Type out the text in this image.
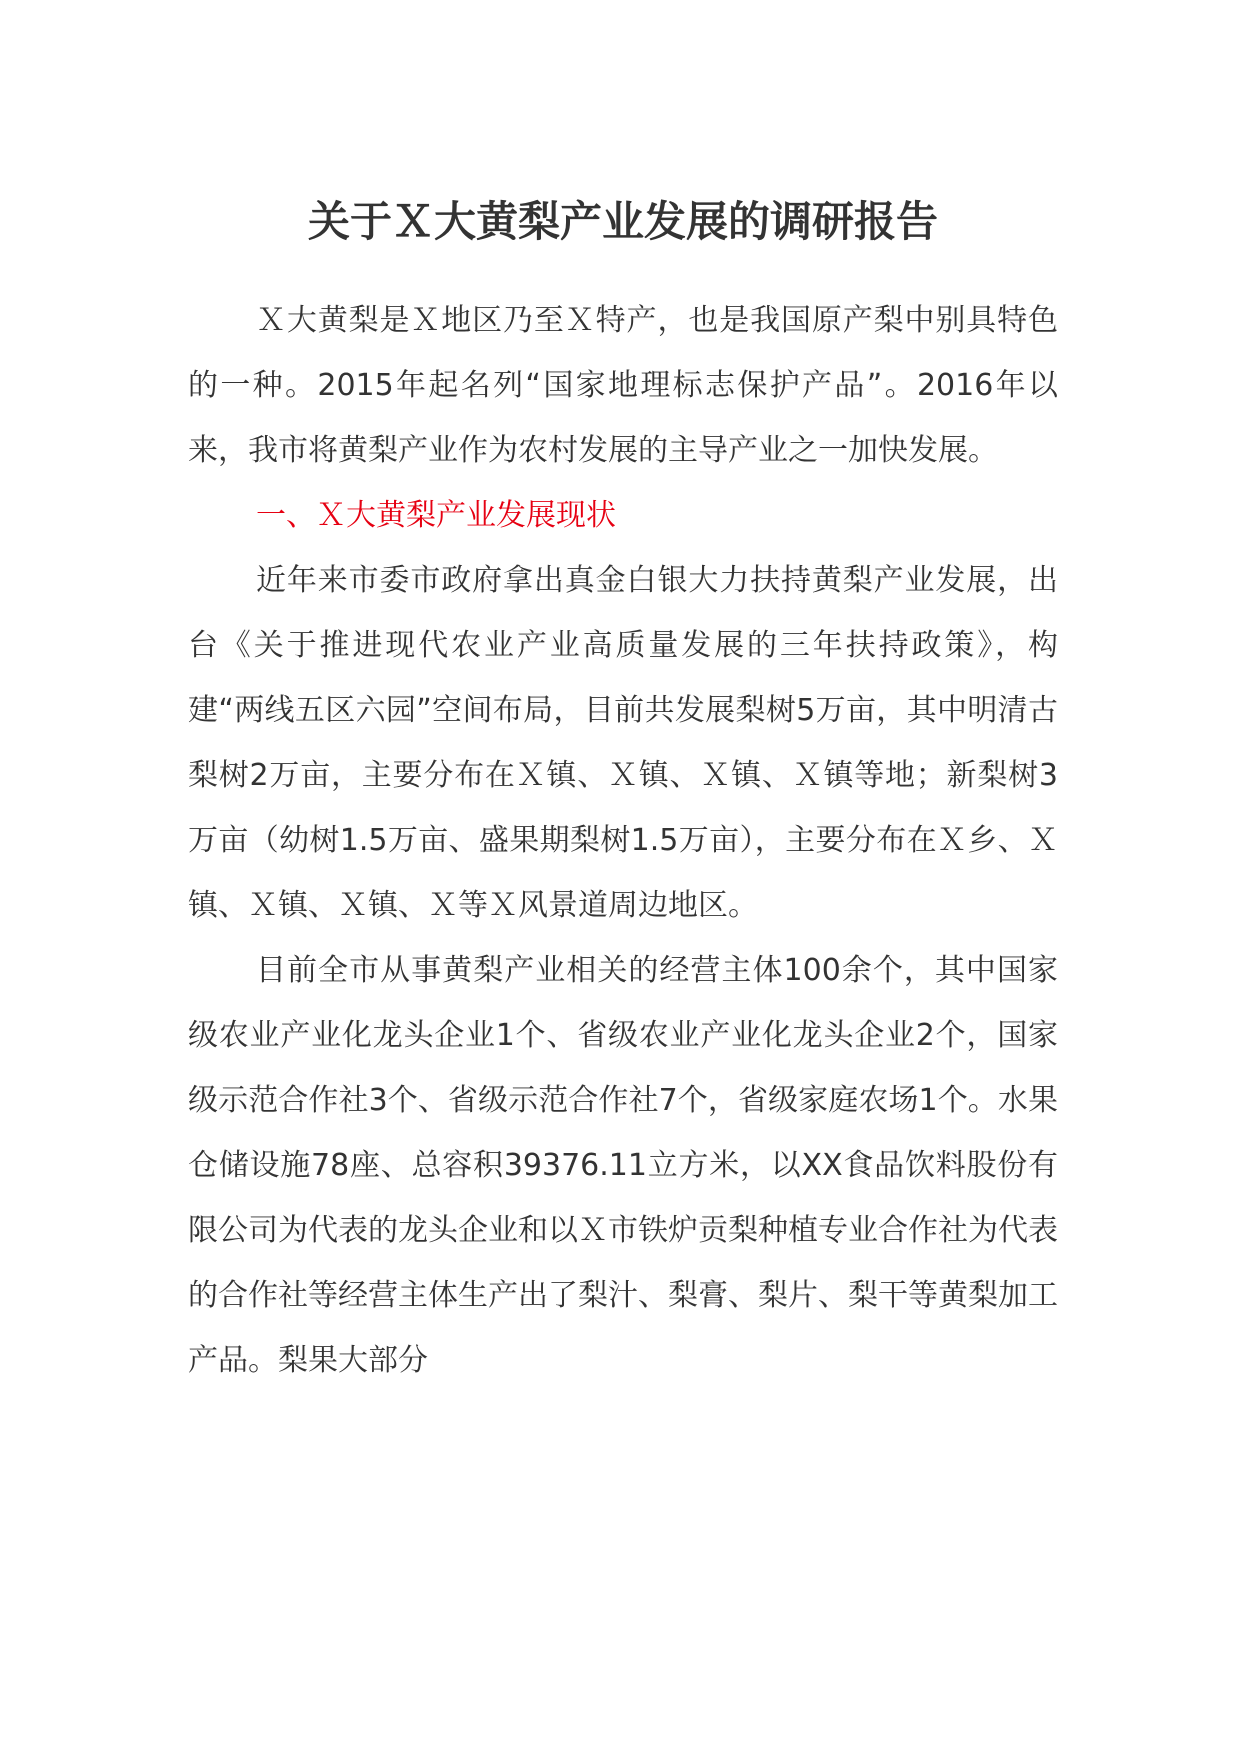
关于Ｘ大黄梨产业发展的调研报告

Ｘ大黄梨是Ｘ地区乃至Ｘ特产，也是我国原产梨中别具特色的一种。2015年起名列“国家地理标志保护产品”。2016年以来，我市将黄梨产业作为农村发展的主导产业之一加快发展。

一、Ｘ大黄梨产业发展现状

近年来市委市政府拿出真金白银大力扶持黄梨产业发展，出台《关于推进现代农业产业高质量发展的三年扶持政策》，构建“两线五区六园”空间布局，目前共发展梨树5万亩，其中明清古梨树2万亩，主要分布在Ｘ镇、Ｘ镇、Ｘ镇、Ｘ镇等地；新梨树3万亩（幼树1.5万亩、盛果期梨树1.5万亩），主要分布在Ｘ乡、Ｘ镇、Ｘ镇、Ｘ镇、Ｘ等Ｘ风景道周边地区。

目前全市从事黄梨产业相关的经营主体100余个，其中国家级农业产业化龙头企业1个、省级农业产业化龙头企业2个，国家级示范合作社3个、省级示范合作社7个，省级家庭农场1个。水果仓储设施78座、总容积39376.11立方米，以XX食品饮料股份有限公司为代表的龙头企业和以Ｘ市铁炉贡梨种植专业合作社为代表的合作社等经营主体生产出了梨汁、梨膏、梨片、梨干等黄梨加工产品。梨果大部分
